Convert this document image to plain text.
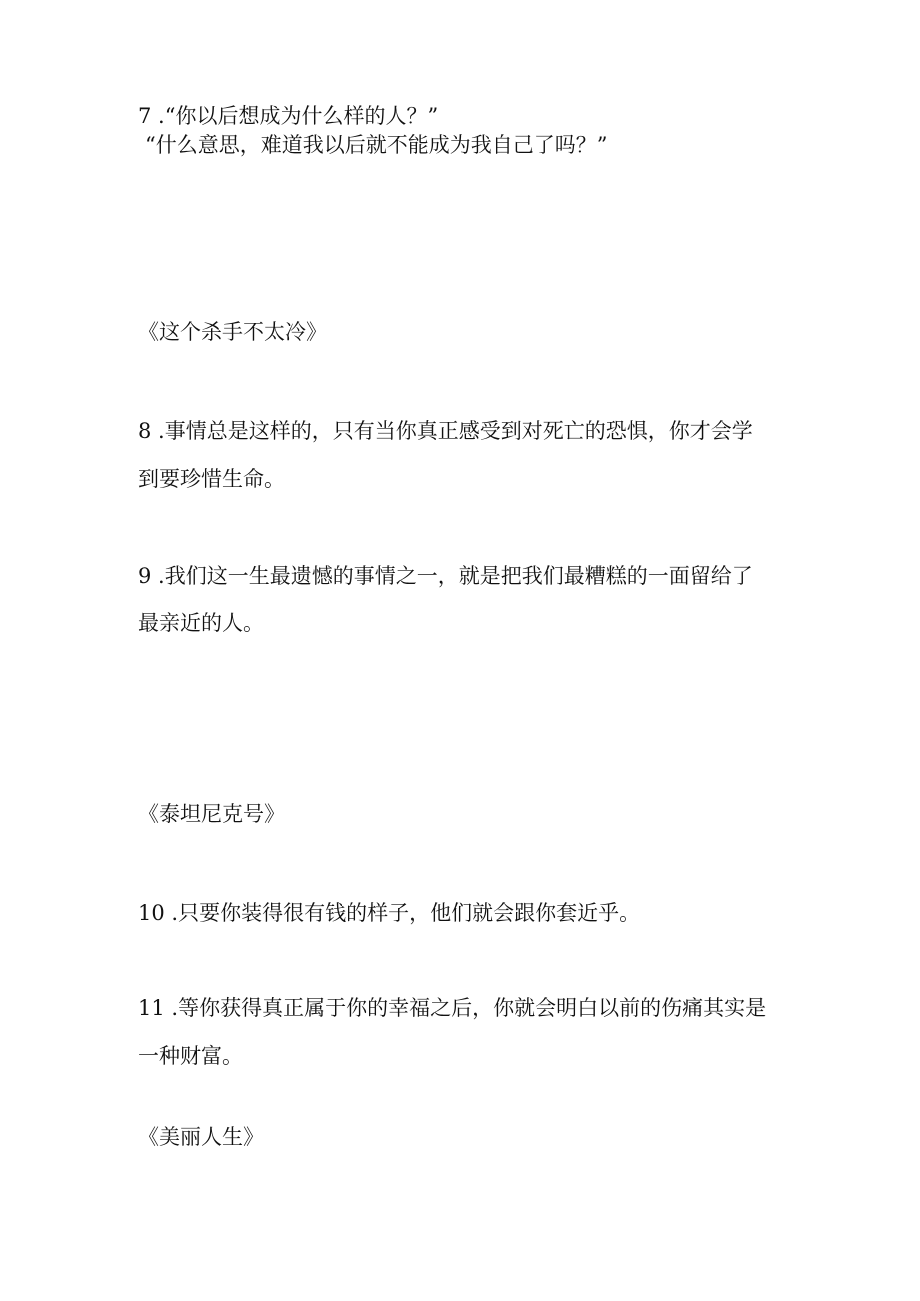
7 .“你以后想成为什么样的人？”
“什么意思，难道我以后就不能成为我自己了吗？”
《这个杀手不太冷》
8 .事情总是这样的，只有当你真正感受到对死亡的恐惧，你才会学
到要珍惜生命。
9 .我们这一生最遗憾的事情之一，就是把我们最糟糕的一面留给了
最亲近的人。
《泰坦尼克号》
10 .只要你装得很有钱的样子，他们就会跟你套近乎。
11 .等你获得真正属于你的幸福之后，你就会明白以前的伤痛其实是
一种财富。
《美丽人生》
